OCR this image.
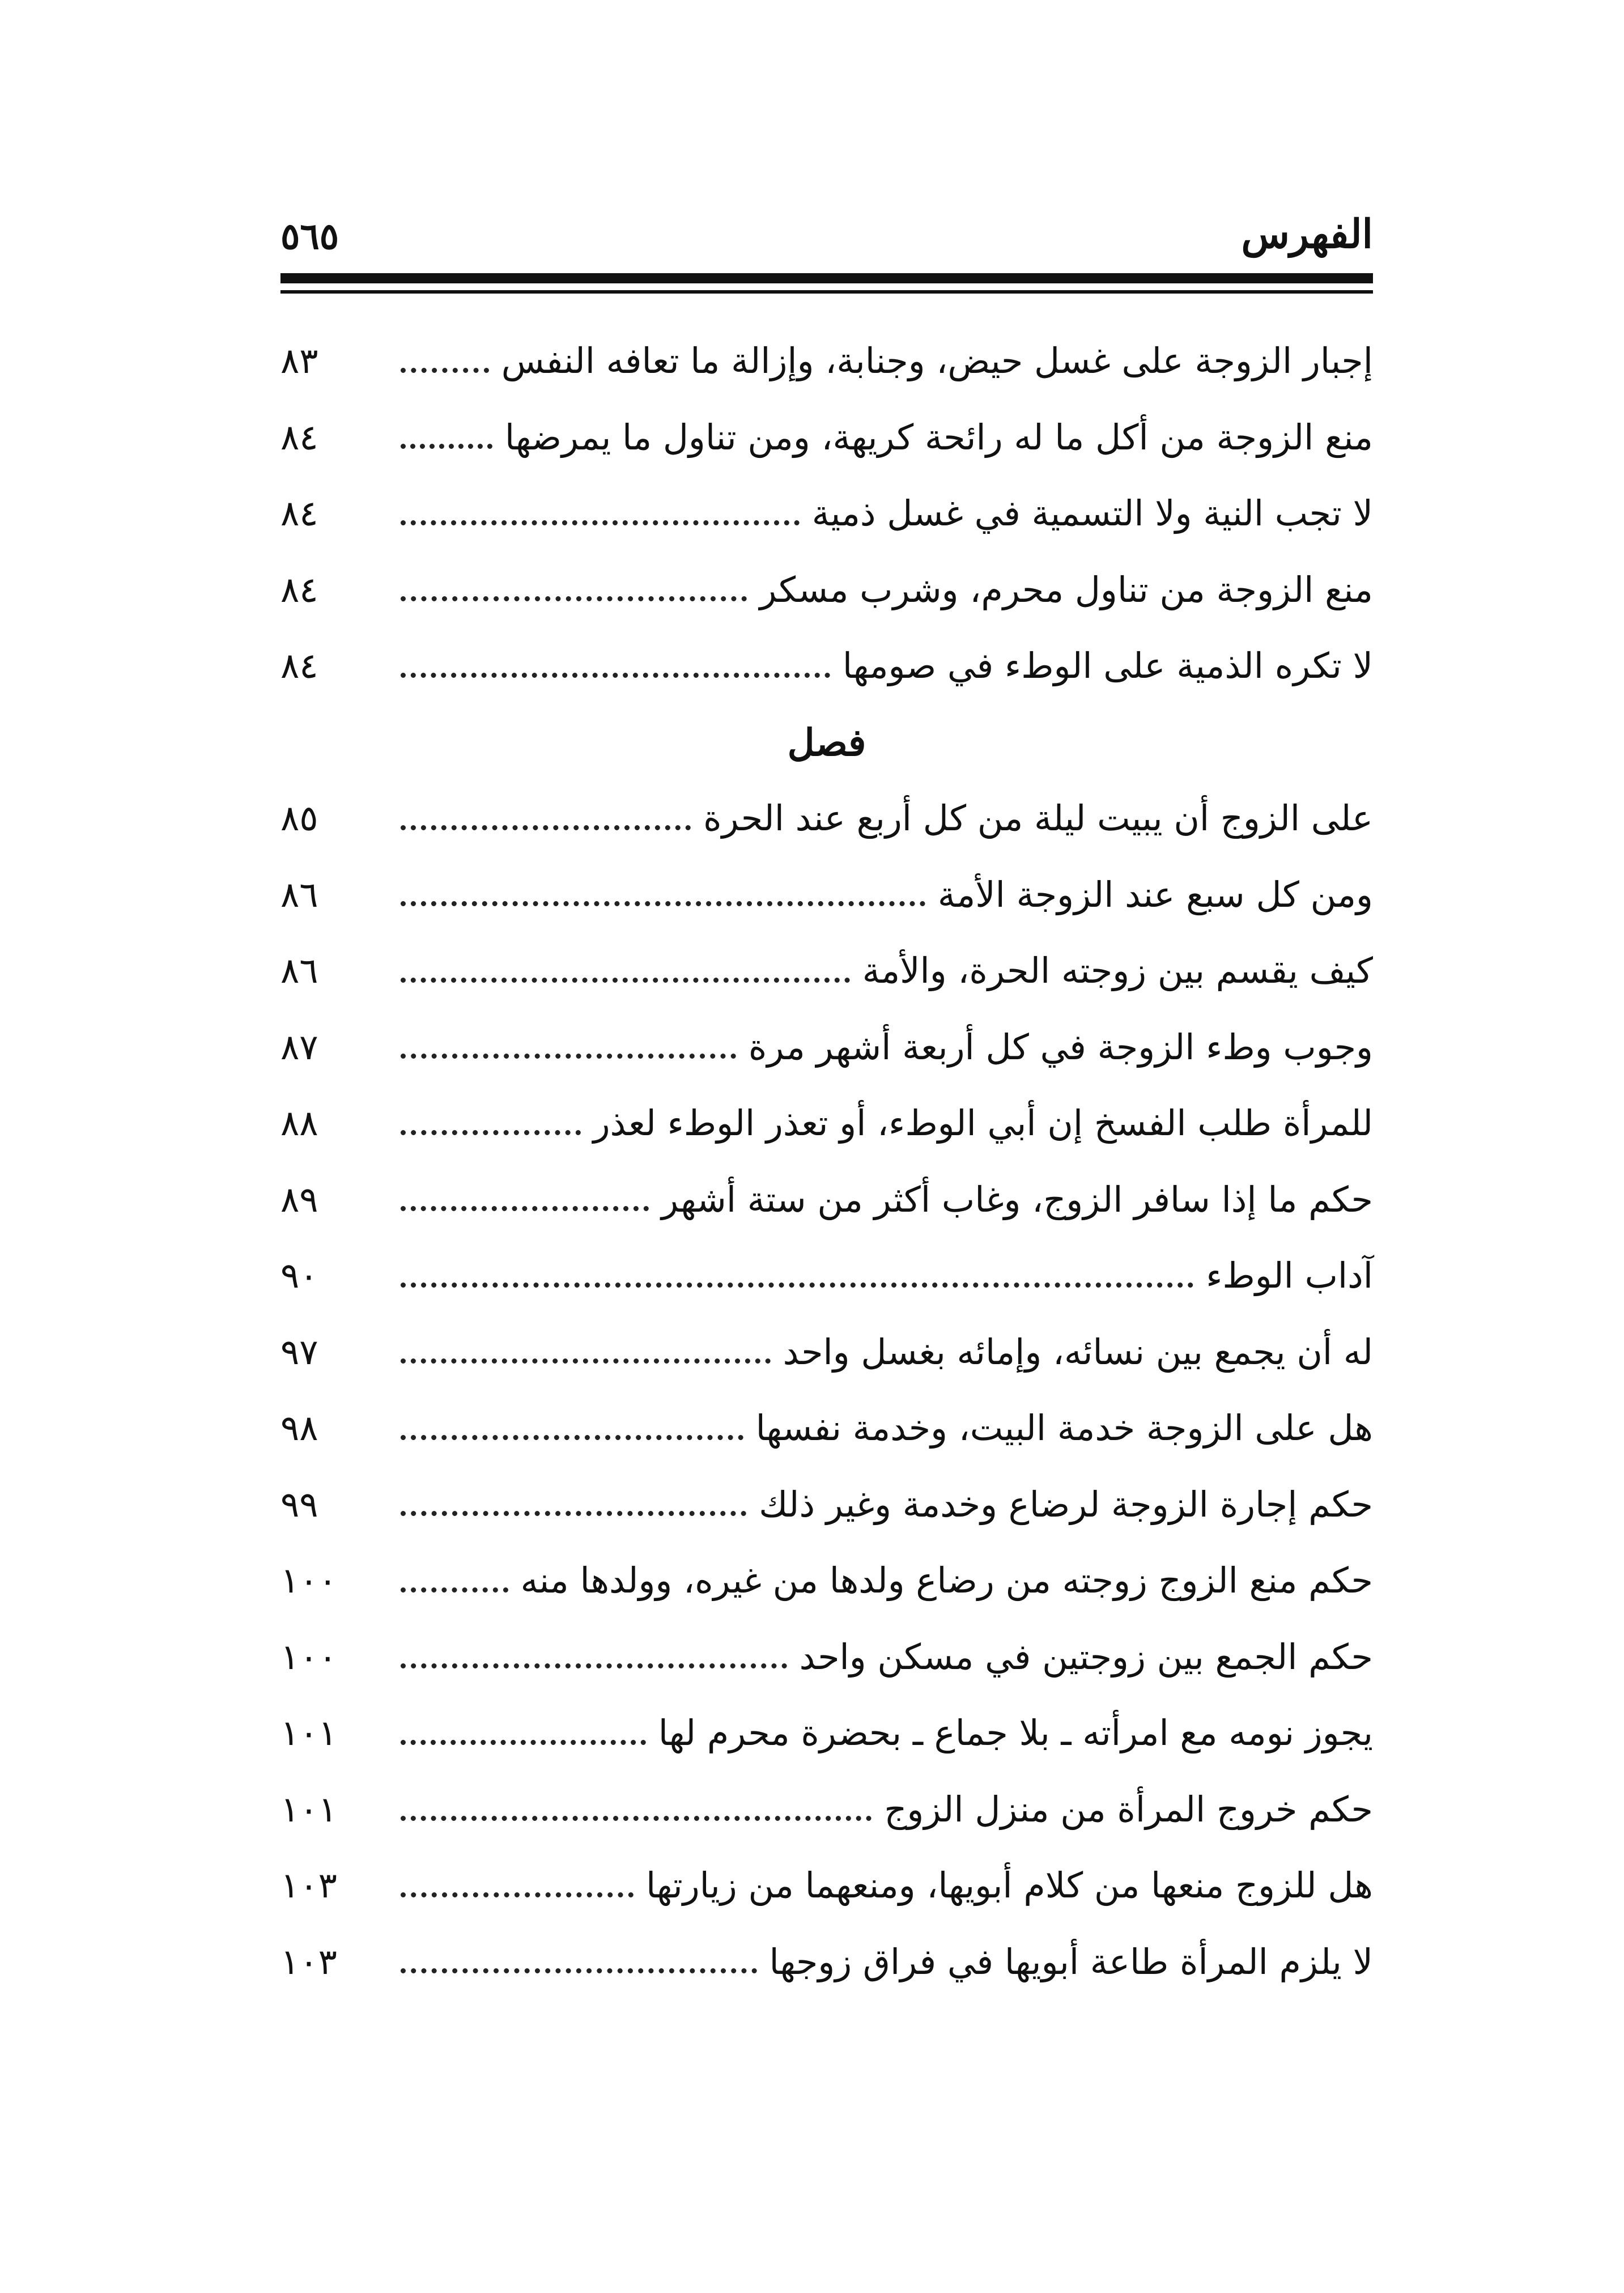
الفهرس
٥٦٥
إجبار الزوجة على غسل حيض، وجنابة، وإزالة ما تعافه النفس
٨٣
منع الزوجة من أكل ما له رائحة كريهة، ومن تناول ما يمرضها
٨٤
لا تجب النية ولا التسمية في غسل ذمية
٨٤
منع الزوجة من تناول محرم، وشرب مسكر
٨٤
لا تكره الذمية على الوطء في صومها
٨٤
فصل
على الزوج أن يبيت ليلة من كل أربع عند الحرة
٨٥
ومن كل سبع عند الزوجة الأمة
٨٦
كيف يقسم بين زوجته الحرة، والأمة
٨٦
وجوب وطء الزوجة في كل أربعة أشهر مرة
٨٧
للمرأة طلب الفسخ إن أبي الوطء، أو تعذر الوطء لعذر
٨٨
حكم ما إذا سافر الزوج، وغاب أكثر من ستة أشهر
٨٩
آداب الوطء
٩٠
له أن يجمع بين نسائه، وإمائه بغسل واحد
٩٧
هل على الزوجة خدمة البيت، وخدمة نفسها
٩٨
حكم إجارة الزوجة لرضاع وخدمة وغير ذلك
٩٩
حكم منع الزوج زوجته من رضاع ولدها من غيره، وولدها منه
١٠٠
حكم الجمع بين زوجتين في مسكن واحد
١٠٠
يجوز نومه مع امرأته ـ بلا جماع ـ بحضرة محرم لها
١٠١
حكم خروج المرأة من منزل الزوج
١٠١
هل للزوج منعها من كلام أبويها، ومنعهما من زيارتها
١٠٣
لا يلزم المرأة طاعة أبويها في فراق زوجها
١٠٣
